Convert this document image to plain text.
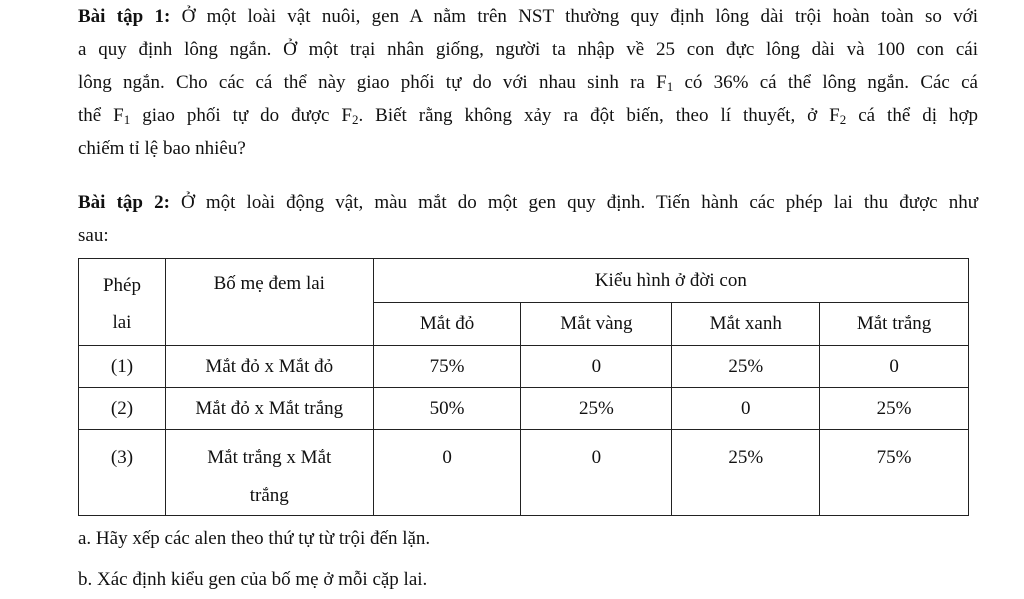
Bài tập 1: Ở một loài vật nuôi, gen A nằm trên NST thường quy định lông dài trội hoàn toàn so với
a quy định lông ngắn. Ở một trại nhân giống, người ta nhập về 25 con đực lông dài và 100 con cái
lông ngắn. Cho các cá thể này giao phối tự do với nhau sinh ra $F_1$ có 36% cá thể lông ngắn. Các cá
thể $F_1$ giao phối tự do được $F_2$. Biết rằng không xảy ra đột biến, theo lí thuyết, ở $F_2$ cá thể dị hợp
chiếm tỉ lệ bao nhiêu?
Bài tập 2: Ở một loài động vật, màu mắt do một gen quy định. Tiến hành các phép lai thu được như
sau:
Phép
lai	Bố mẹ đem lai	Kiểu hình ở đời con			
		Mắt đỏ	Mắt vàng	Mắt xanh	Mắt trắng
(1)	Mắt đỏ x Mắt đỏ	75%	0	25%	0
(2)	Mắt đỏ x Mắt trắng	50%	25%	0	25%
(3)	Mắt trắng x Mắt
trắng	0	0	25%	75%
a. Hãy xếp các alen theo thứ tự từ trội đến lặn.
b. Xác định kiểu gen của bố mẹ ở mỗi cặp lai.
